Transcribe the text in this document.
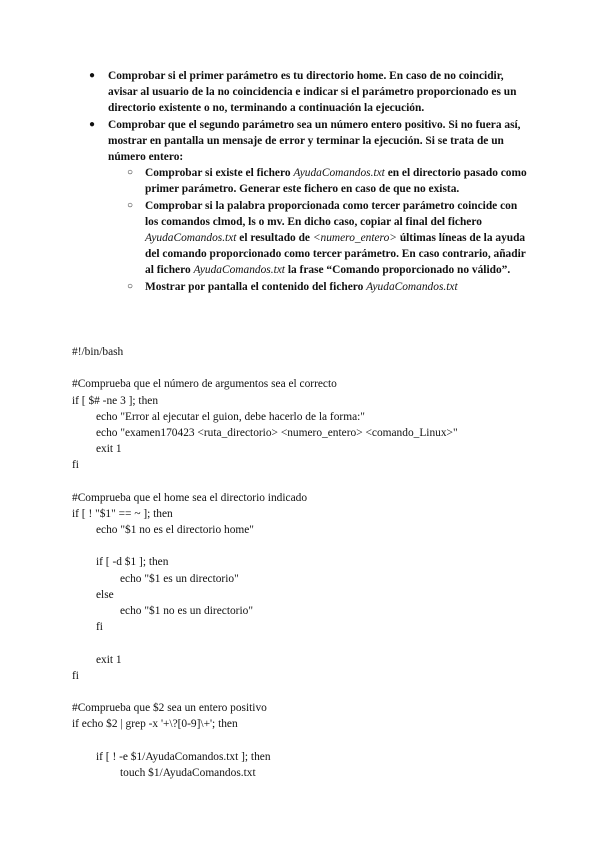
● Comprobar si el primer parámetro es tu directorio home. En caso de no coincidir, avisar al usuario de la no coincidencia e indicar si el parámetro proporcionado es un directorio existente o no, terminando a continuación la ejecución.
● Comprobar que el segundo parámetro sea un número entero positivo. Si no fuera así, mostrar en pantalla un mensaje de error y terminar la ejecución. Si se trata de un número entero:
○ Comprobar si existe el fichero AyudaComandos.txt en el directorio pasado como primer parámetro. Generar este fichero en caso de que no exista.
○ Comprobar si la palabra proporcionada como tercer parámetro coincide con los comandos clmod, ls o mv. En dicho caso, copiar al final del fichero AyudaComandos.txt el resultado de <numero_entero> últimas líneas de la ayuda del comando proporcionado como tercer parámetro. En caso contrario, añadir al fichero AyudaComandos.txt la frase “Comando proporcionado no válido”.
○ Mostrar por pantalla el contenido del fichero AyudaComandos.txt
#!/bin/bash
#Comprueba que el número de argumentos sea el correcto
if [ $# -ne 3 ]; then
echo "Error al ejecutar el guion, debe hacerlo de la forma:"
echo "examen170423 <ruta_directorio> <numero_entero> <comando_Linux>"
exit 1
fi
#Comprueba que el home sea el directorio indicado
if [ ! "$1" == ~ ]; then
echo "$1 no es el directorio home"
if [ -d $1 ]; then
echo "$1 es un directorio"
else
echo "$1 no es un directorio"
fi
exit 1
fi
#Comprueba que $2 sea un entero positivo
if echo $2 | grep -x '+\?[0-9]\+'; then
if [ ! -e $1/AyudaComandos.txt ]; then
touch $1/AyudaComandos.txt
